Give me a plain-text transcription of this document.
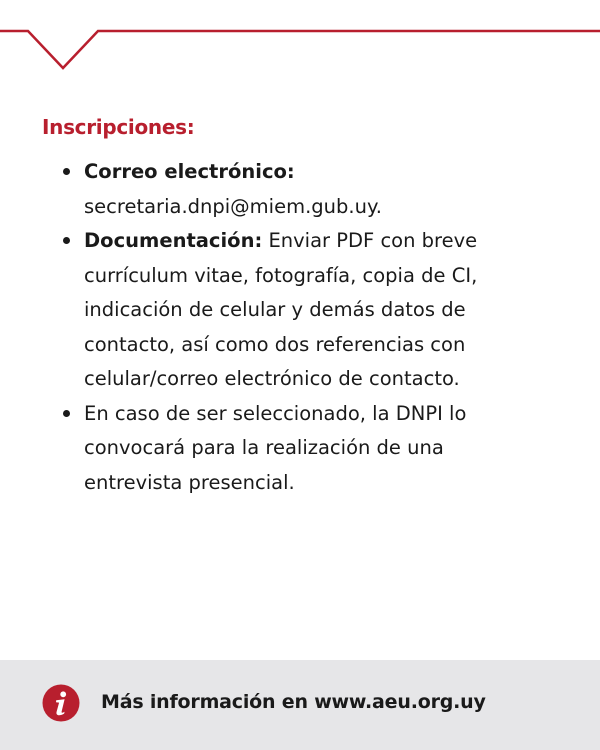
Inscripciones:
Correo electrónico:
secretaria.dnpi@miem.gub.uy.
Documentación: Enviar PDF con breve
currículum vitae, fotografía, copia de CI,
indicación de celular y demás datos de
contacto, así como dos referencias con
celular/correo electrónico de contacto.
En caso de ser seleccionado, la DNPI lo
convocará para la realización de una
entrevista presencial.
Más información en www.aeu.org.uy
